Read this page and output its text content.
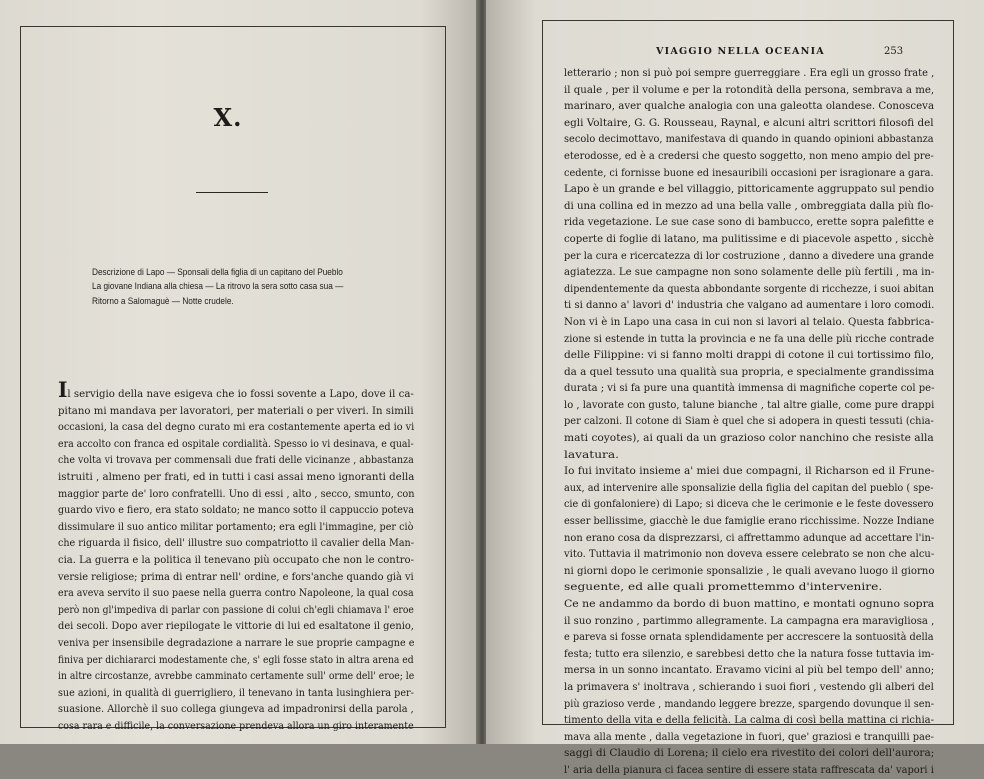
X.
Descrizione di Lapo — Sponsali della figlia di un capitano del Pueblo
La giovane Indiana alla chiesa — La ritrovo la sera sotto casa sua —
Ritorno a Salomaguè — Notte crudele.
Il servigio della nave esigeva che io fossi sovente a Lapo, dove il ca-
pitano mi mandava per lavoratori, per materiali o per viveri. In simili
occasioni, la casa del degno curato mi era costantemente aperta ed io vi
era accolto con franca ed ospitale cordialità. Spesso io vi desinava, e qual-
che volta vi trovava per commensali due frati delle vicinanze , abbastanza
istruiti , almeno per frati, ed in tutti i casi assai meno ignoranti della
maggior parte de' loro confratelli. Uno di essi , alto , secco, smunto, con
guardo vivo e fiero, era stato soldato; ne manco sotto il cappuccio poteva
dissimulare il suo antico militar portamento; era egli l'immagine, per ciò
che riguarda il fisico, dell' illustre suo compatriotto il cavalier della Man-
cia. La guerra e la politica il tenevano più occupato che non le contro-
versie religiose; prima di entrar nell' ordine, e fors'anche quando già vi
era aveva servito il suo paese nella guerra contro Napoleone, la qual cosa
però non gl'impediva di parlar con passione di colui ch'egli chiamava l' eroe
dei secoli. Dopo aver riepilogate le vittorie di lui ed esaltatone il genio,
veniva per insensibile degradazione a narrare le sue proprie campagne e
finiva per dichiararci modestamente che, s' egli fosse stato in altra arena ed
in altre circostanze, avrebbe camminato certamente sull' orme dell' eroe; le
sue azioni, in qualità di guerrigliero, il tenevano in tanta lusinghiera per-
suasione. Allorchè il suo collega giungeva ad impadronirsi della parola ,
cosa rara e difficile, la conversazione prendeva allora un giro interamente
VIAGGIO NELLA OCEANIA	253
letterario ; non si può poi sempre guerreggiare . Era egli un grosso frate ,
il quale , per il volume e per la rotondità della persona, sembrava a me,
marinaro, aver qualche analogia con una galeotta olandese. Conosceva
egli Voltaire, G. G. Rousseau, Raynal, e alcuni altri scrittori filosofi del
secolo decimottavo, manifestava di quando in quando opinioni abbastanza
eterodosse, ed è a credersi che questo soggetto, non meno ampio del pre-
cedente, ci fornisse buone ed inesauribili occasioni per isragionare a gara.
Lapo è un grande e bel villaggio, pittoricamente aggruppato sul pendio
di una collina ed in mezzo ad una bella valle , ombreggiata dalla più flo-
rida vegetazione. Le sue case sono di bambucco, erette sopra palefitte e
coperte di foglie di latano, ma pulitissime e di piacevole aspetto , sicchè
per la cura e ricercatezza di lor costruzione , danno a divedere una grande
agiatezza. Le sue campagne non sono solamente delle più fertili , ma in-
dipendentemente da questa abbondante sorgente di ricchezze, i suoi abitan
ti si danno a' lavori d' industria che valgano ad aumentare i loro comodi.
Non vi è in Lapo una casa in cui non si lavori al telaio. Questa fabbrica-
zione si estende in tutta la provincia e ne fa una delle più ricche contrade
delle Filippine: vi si fanno molti drappi di cotone il cui tortissimo filo,
da a quel tessuto una qualità sua propria, e specialmente grandissima
durata ; vi si fa pure una quantità immensa di magnifiche coperte col pe-
lo , lavorate con gusto, talune bianche , tal altre gialle, come pure drappi
per calzoni. Il cotone di Siam è quel che si adopera in questi tessuti (chia-
mati coyotes), ai quali da un grazioso color nanchino che resiste alla
lavatura.
Io fui invitato insieme a' miei due compagni, il Richarson ed il Frune-
aux, ad intervenire alle sponsalizie della figlia del capitan del pueblo ( spe-
cie di gonfaloniere) di Lapo; si diceva che le cerimonie e le feste dovessero
esser bellissime, giacchè le due famiglie erano ricchissime. Nozze Indiane
non erano cosa da disprezzarsi, ci affrettammo adunque ad accettare l'in-
vito. Tuttavia il matrimonio non doveva essere celebrato se non che alcu-
ni giorni dopo le cerimonie sponsalizie , le quali avevano luogo il giorno
seguente, ed alle quali promettemmo d'intervenire.
Ce ne andammo da bordo di buon mattino, e montati ognuno sopra
il suo ronzino , partimmo allegramente. La campagna era maravigliosa ,
e pareva si fosse ornata splendidamente per accrescere la sontuosità della
festa; tutto era silenzio, e sarebbesi detto che la natura fosse tuttavia im-
mersa in un sonno incantato. Eravamo vicini al più bel tempo dell' anno;
la primavera s' inoltrava , schierando i suoi fiori , vestendo gli alberi del
più grazioso verde , mandando leggere brezze, spargendo dovunque il sen-
timento della vita e della felicità. La calma di così bella mattina ci richia-
mava alla mente , dalla vegetazione in fuori, que' graziosi e tranquilli pae-
saggi di Claudio di Lorena; il cielo era rivestito dei colori dell'aurora;
l' aria della pianura ci facea sentire di essere stata raffrescata da' vapori i
